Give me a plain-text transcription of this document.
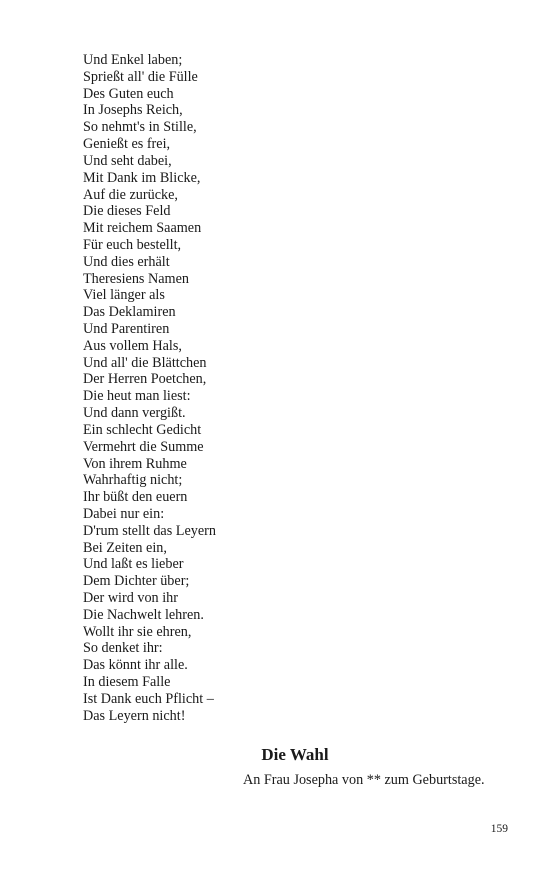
Und Enkel laben;
Sprießt all' die Fülle
Des Guten euch
In Josephs Reich,
So nehmt's in Stille,
Genießt es frei,
Und seht dabei,
Mit Dank im Blicke,
Auf die zurücke,
Die dieses Feld
Mit reichem Saamen
Für euch bestellt,
Und dies erhält
Theresiens Namen
Viel länger als
Das Deklamiren
Und Parentiren
Aus vollem Hals,
Und all' die Blättchen
Der Herren Poetchen,
Die heut man liest:
Und dann vergißt.
Ein schlecht Gedicht
Vermehrt die Summe
Von ihrem Ruhme
Wahrhaftig nicht;
Ihr büßt den euern
Dabei nur ein:
D'rum stellt das Leyern
Bei Zeiten ein,
Und laßt es lieber
Dem Dichter über;
Der wird von ihr
Die Nachwelt lehren.
Wollt ihr sie ehren,
So denket ihr:
Das könnt ihr alle.
In diesem Falle
Ist Dank euch Pflicht –
Das Leyern nicht!
Die Wahl
An Frau Josepha von ** zum Geburtstage.
159
